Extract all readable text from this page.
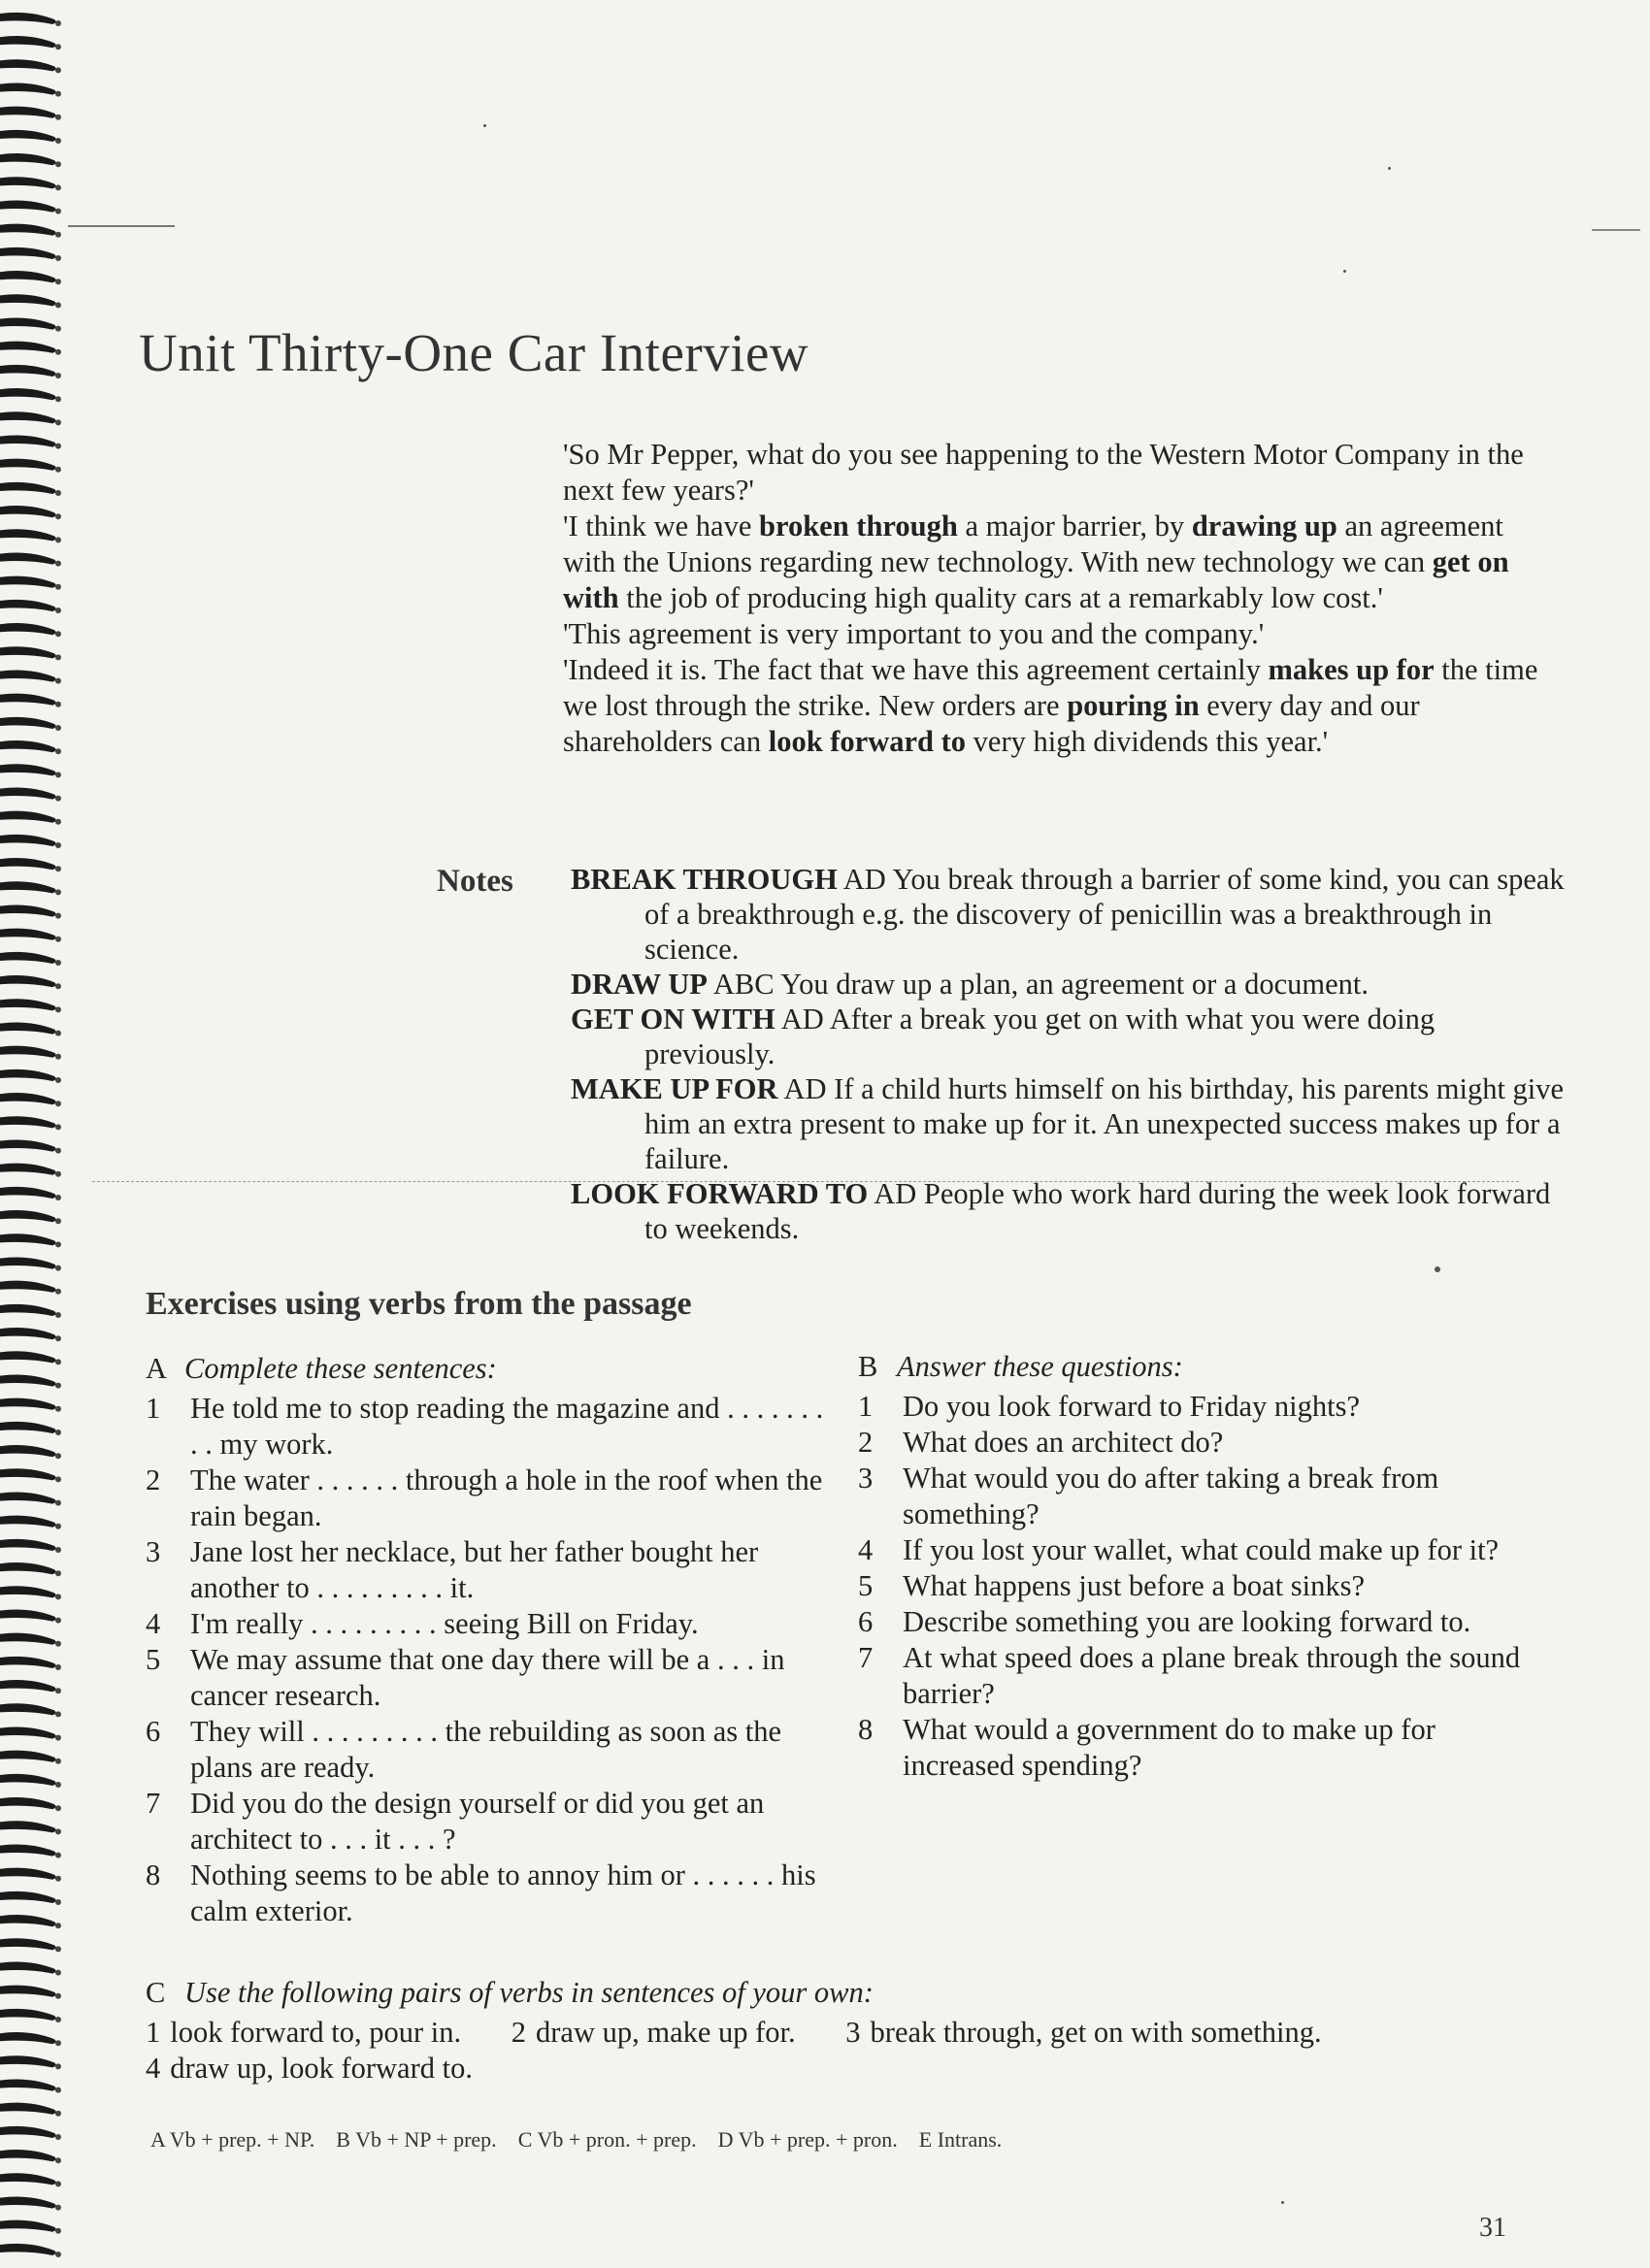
Unit Thirty-One Car Interview

'So Mr Pepper, what do you see happening to the Western Motor Company in the next few years?'

'I think we have broken through a major barrier, by drawing up an agreement with the Unions regarding new technology. With new technology we can get on with the job of producing high quality cars at a remarkably low cost.'

'This agreement is very important to you and the company.'

'Indeed it is. The fact that we have this agreement certainly makes up for the time we lost through the strike. New orders are pouring in every day and our shareholders can look forward to very high dividends this year.'

Notes BREAK THROUGH AD You break through a barrier of some kind, you can speak of a breakthrough e.g. the discovery of penicillin was a breakthrough in science.

DRAW UP ABC You draw up a plan, an agreement or a document.

GET ON WITH AD After a break you get on with what you were doing previously.

MAKE UP FOR AD If a child hurts himself on his birthday, his parents might give him an extra present to make up for it. An unexpected success makes up for a failure.

LOOK FORWARD TO AD People who work hard during the week look forward to weekends.

Exercises using verbs from the passage

A Complete these sentences:

1	He told me to stop reading the magazine and . . . . . . . . . my work.
2	The water . . . . . . through a hole in the roof when the rain began.
3	Jane lost her necklace, but her father bought her another to . . . . . . . . . it.
4	I'm really . . . . . . . . . seeing Bill on Friday.
5	We may assume that one day there will be a . . . in cancer research.
6	They will . . . . . . . . . the rebuilding as soon as the plans are ready.
7	Did you do the design yourself or did you get an architect to . . . it . . . ?
8	Nothing seems to be able to annoy him or . . . . . . his calm exterior.

B Answer these questions:

1	Do you look forward to Friday nights?
2	What does an architect do?
3	What would you do after taking a break from something?
4	If you lost your wallet, what could make up for it?
5	What happens just before a boat sinks?
6	Describe something you are looking forward to.
7	At what speed does a plane break through the sound barrier?
8	What would a government do to make up for increased spending?

C Use the following pairs of verbs in sentences of your own:

1 look forward to, pour in. 2 draw up, make up for. 3 break through, get on with something. 4 draw up, look forward to.

A Vb + prep. + NP. B Vb + NP + prep. C Vb + pron. + prep. D Vb + prep. + pron. E Intrans.
31
